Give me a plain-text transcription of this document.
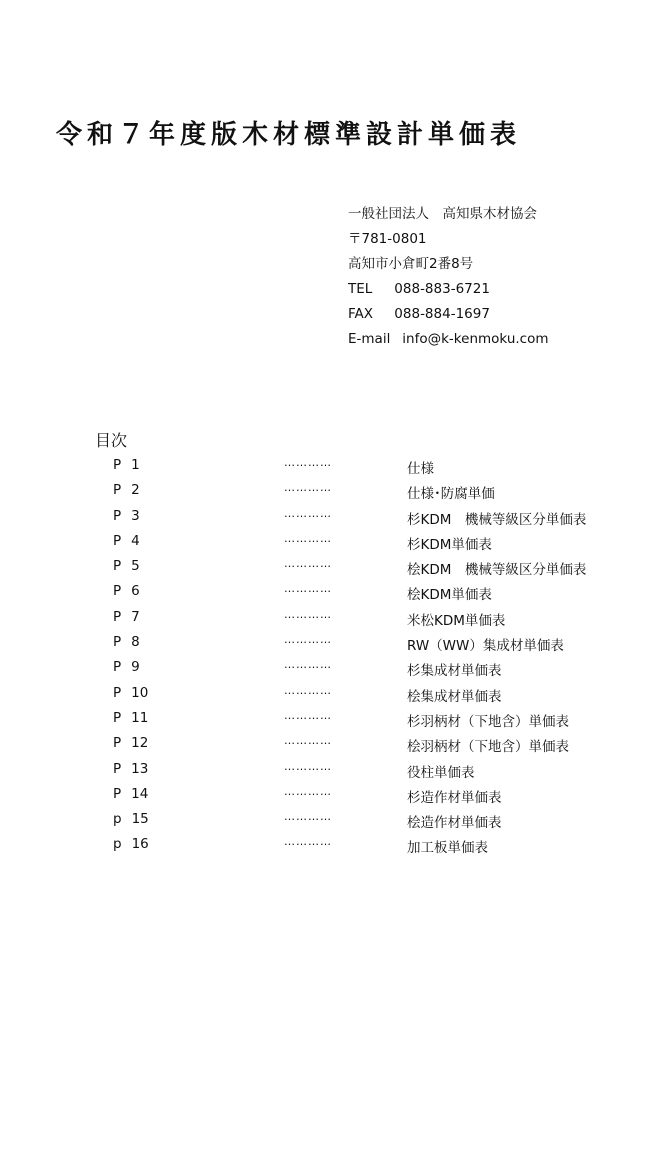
令和７年度版木材標準設計単価表
一般社団法人　高知県木材協会
〒781-0801
高知市小倉町2番8号
TEL 088-883-6721
FAX 088-884-1697
E-mail info@k-kenmoku.com
目次
P 1	…………	仕様
P 2	…………	仕様･防腐単価
P 3	…………	杉KDM　機械等級区分単価表
P 4	…………	杉KDM単価表
P 5	…………	桧KDM　機械等級区分単価表
P 6	…………	桧KDM単価表
P 7	…………	米松KDM単価表
P 8	…………	RW（WW）集成材単価表
P 9	…………	杉集成材単価表
P 10	…………	桧集成材単価表
P 11	…………	杉羽柄材（下地含）単価表
P 12	…………	桧羽柄材（下地含）単価表
P 13	…………	役柱単価表
P 14	…………	杉造作材単価表
p 15	…………	桧造作材単価表
p 16	…………	加工板単価表
